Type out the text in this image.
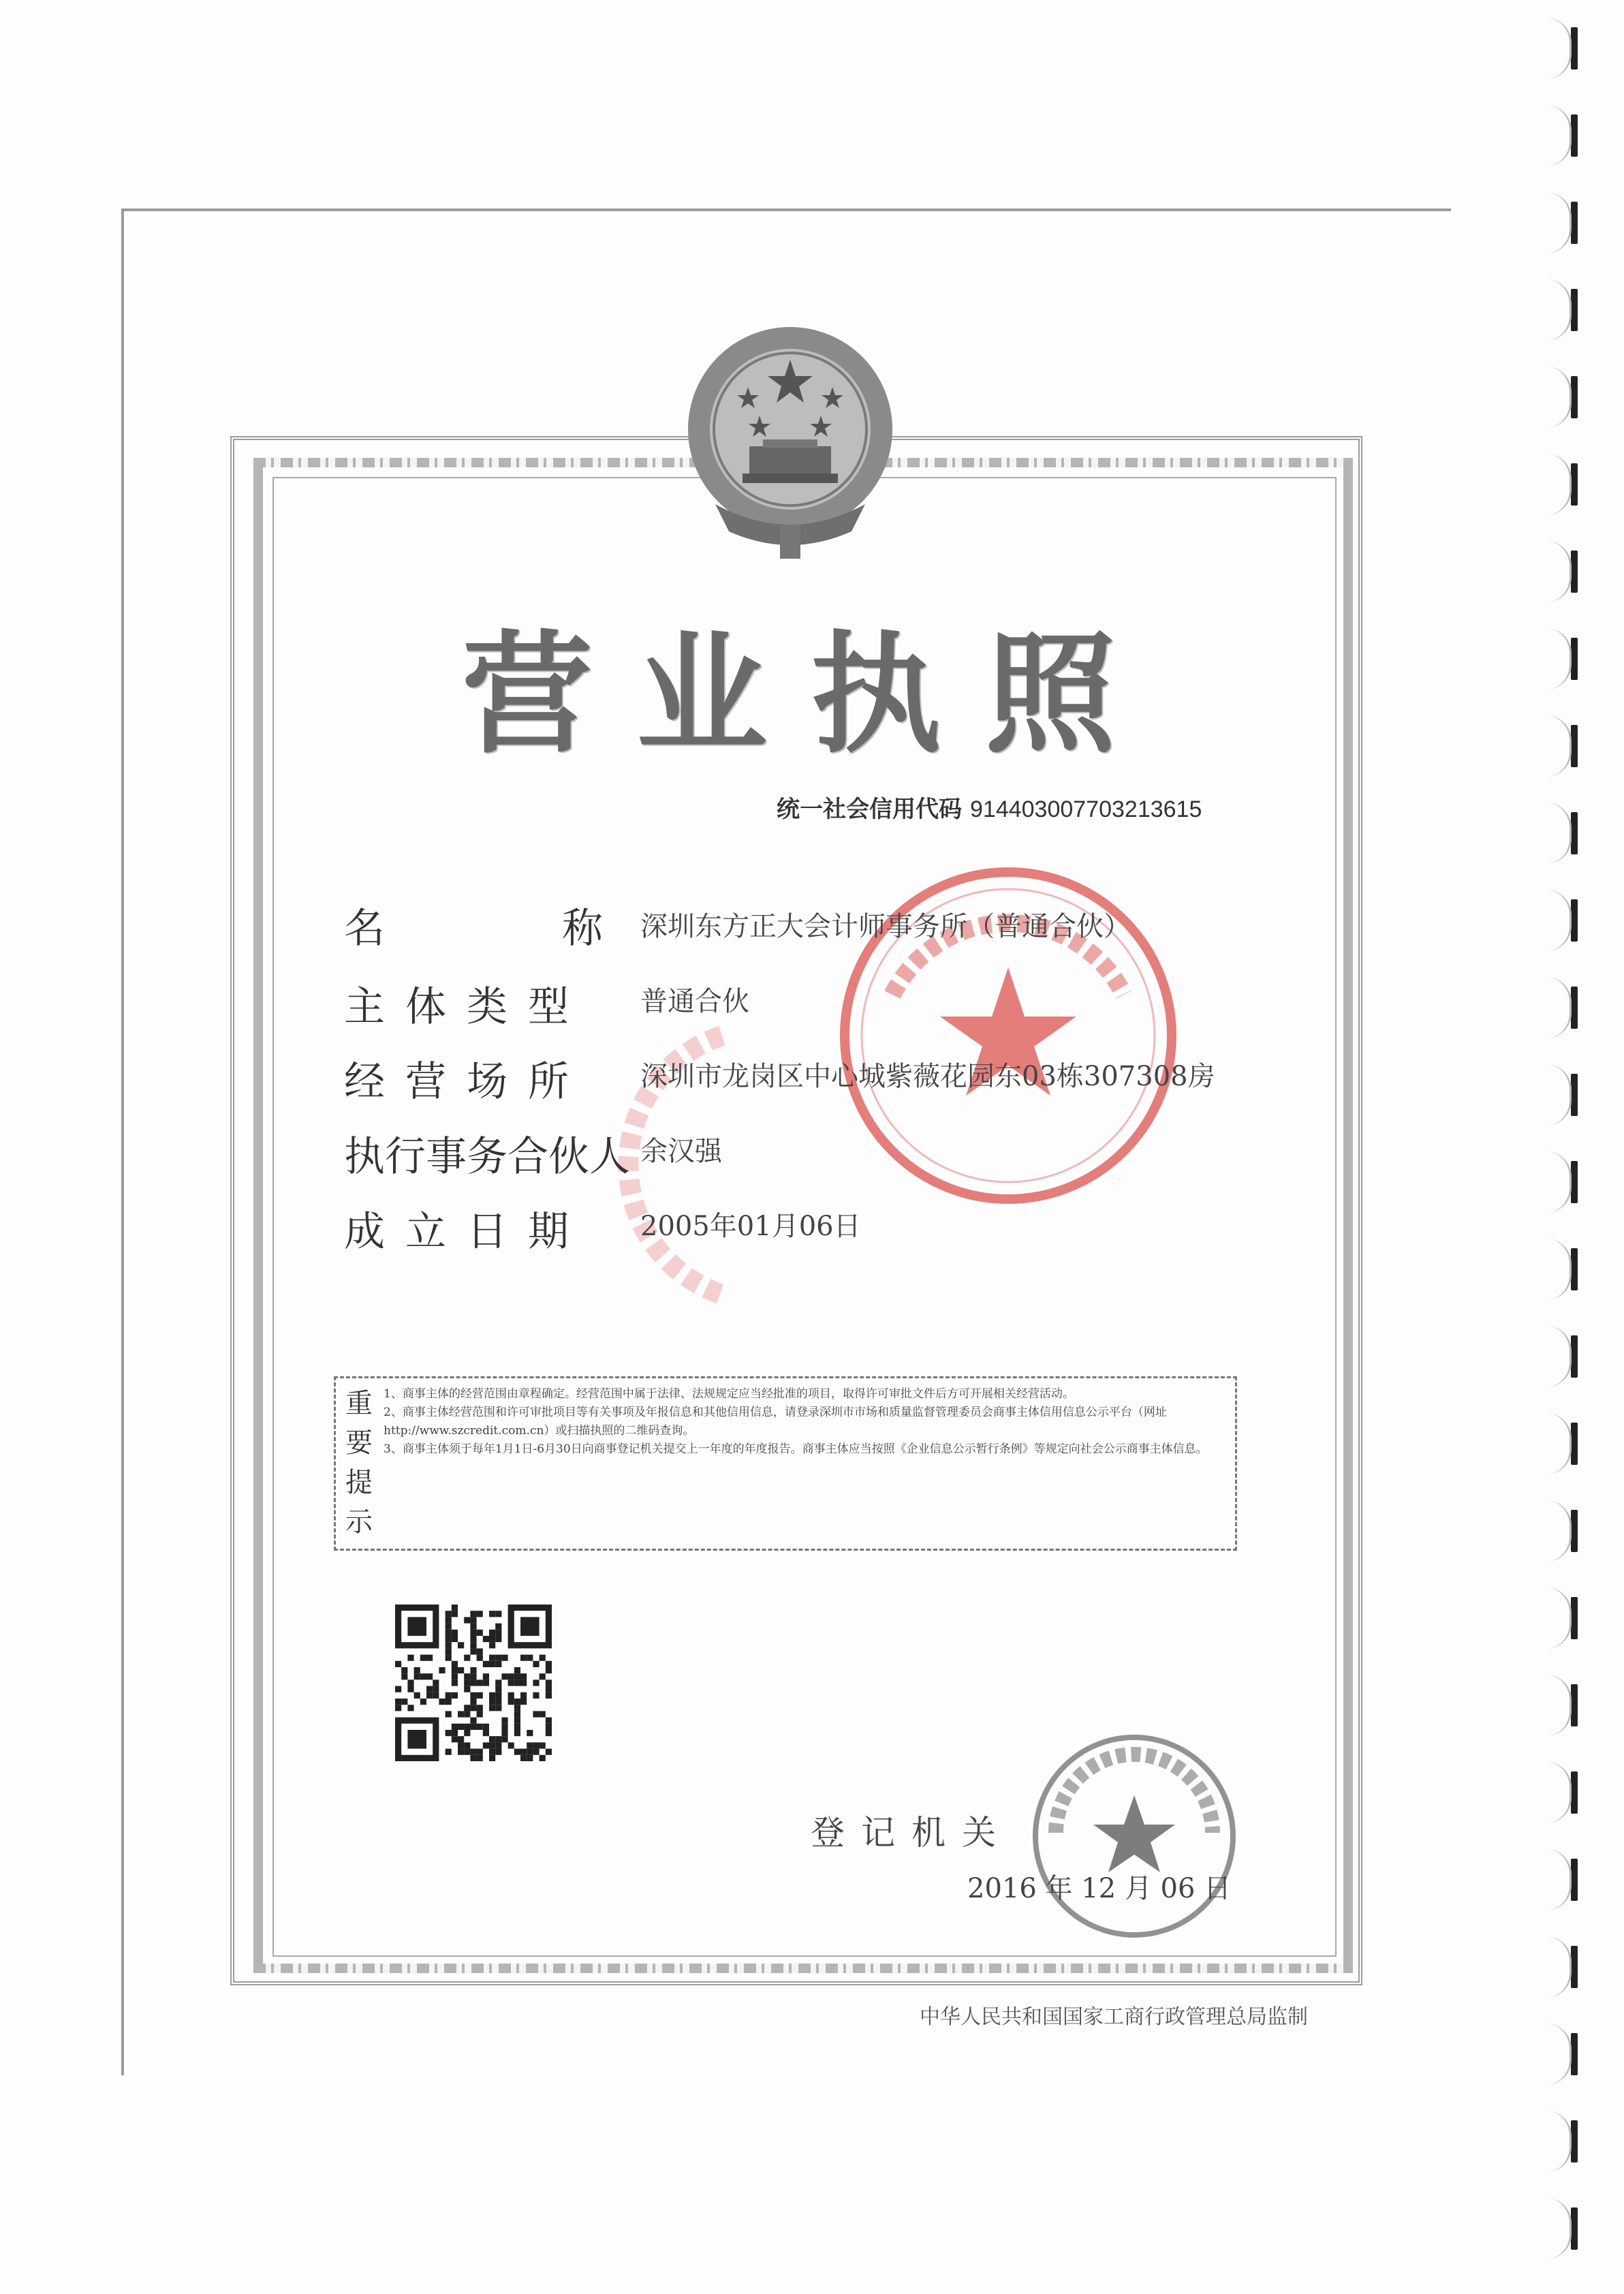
营业执照
统一社会信用代码 914403007703213615
名	称 深圳东方正大会计师事务所（普通合伙）
主体类型	普通合伙
经营场所	深圳市龙岗区中心城紫薇花园东03栋307308房
执行事务合伙人 余汉强
成立日期	2005年01月06日
重要提示
1、商事主体的经营范围由章程确定。经营范围中属于法律、法规规定应当经批准的项目，取得许可审批文件后方可开展相关经营活动。
2、商事主体经营范围和许可审批项目等有关事项及年报信息和其他信用信息，请登录深圳市市场和质量监督管理委员会商事主体信用信息公示平台（网址http://www.szcredit.com.cn）或扫描执照的二维码查询。
3、商事主体须于每年1月1日-6月30日向商事登记机关提交上一年度的年度报告。商事主体应当按照《企业信息公示暂行条例》等规定向社会公示商事主体信息。
登记机关
2016 年 12 月 06 日
中华人民共和国国家工商行政管理总局监制
